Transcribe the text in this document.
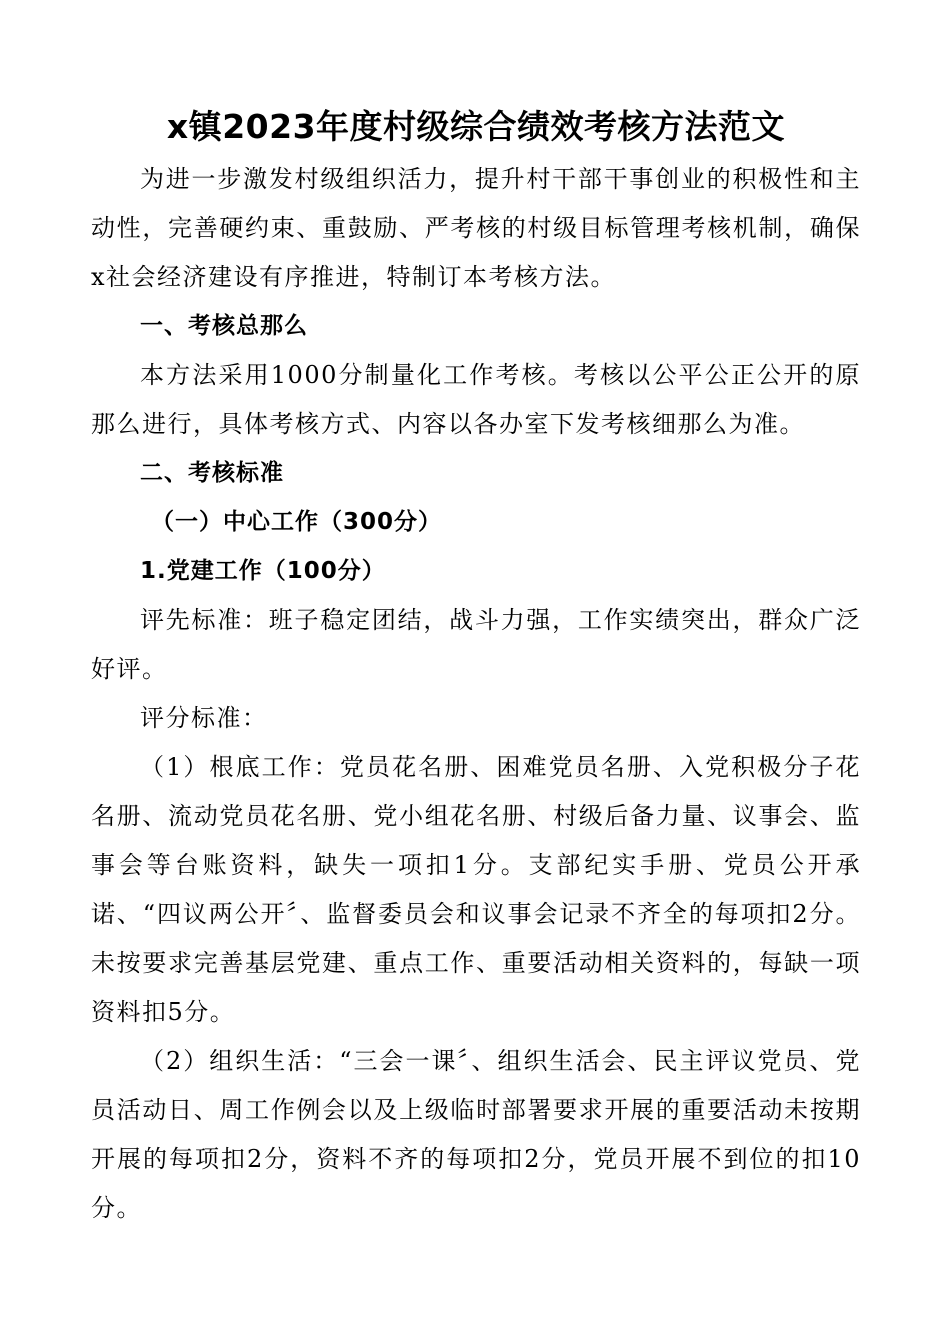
x镇2023年度村级综合绩效考核方法范文

为进一步激发村级组织活力，提升村干部干事创业的积极性和主动性，完善硬约束、重鼓励、严考核的村级目标管理考核机制，确保x社会经济建设有序推进，特制订本考核方法。

一、考核总那么

本方法采用1000分制量化工作考核。考核以公平公正公开的原那么进行，具体考核方式、内容以各办室下发考核细那么为准。

二、考核标准

（一）中心工作（300分）

1.党建工作（100分）

评先标准：班子稳定团结，战斗力强，工作实绩突出，群众广泛好评。

评分标准：

（1）根底工作：党员花名册、困难党员名册、入党积极分子花名册、流动党员花名册、党小组花名册、村级后备力量、议事会、监事会等台账资料，缺失一项扣1分。支部纪实手册、党员公开承诺、“四议两公开〞、监督委员会和议事会记录不齐全的每项扣2分。未按要求完善基层党建、重点工作、重要活动相关资料的，每缺一项资料扣5分。

（2）组织生活：“三会一课〞、组织生活会、民主评议党员、党员活动日、周工作例会以及上级临时部署要求开展的重要活动未按期开展的每项扣2分，资料不齐的每项扣2分，党员开展不到位的扣10分。
